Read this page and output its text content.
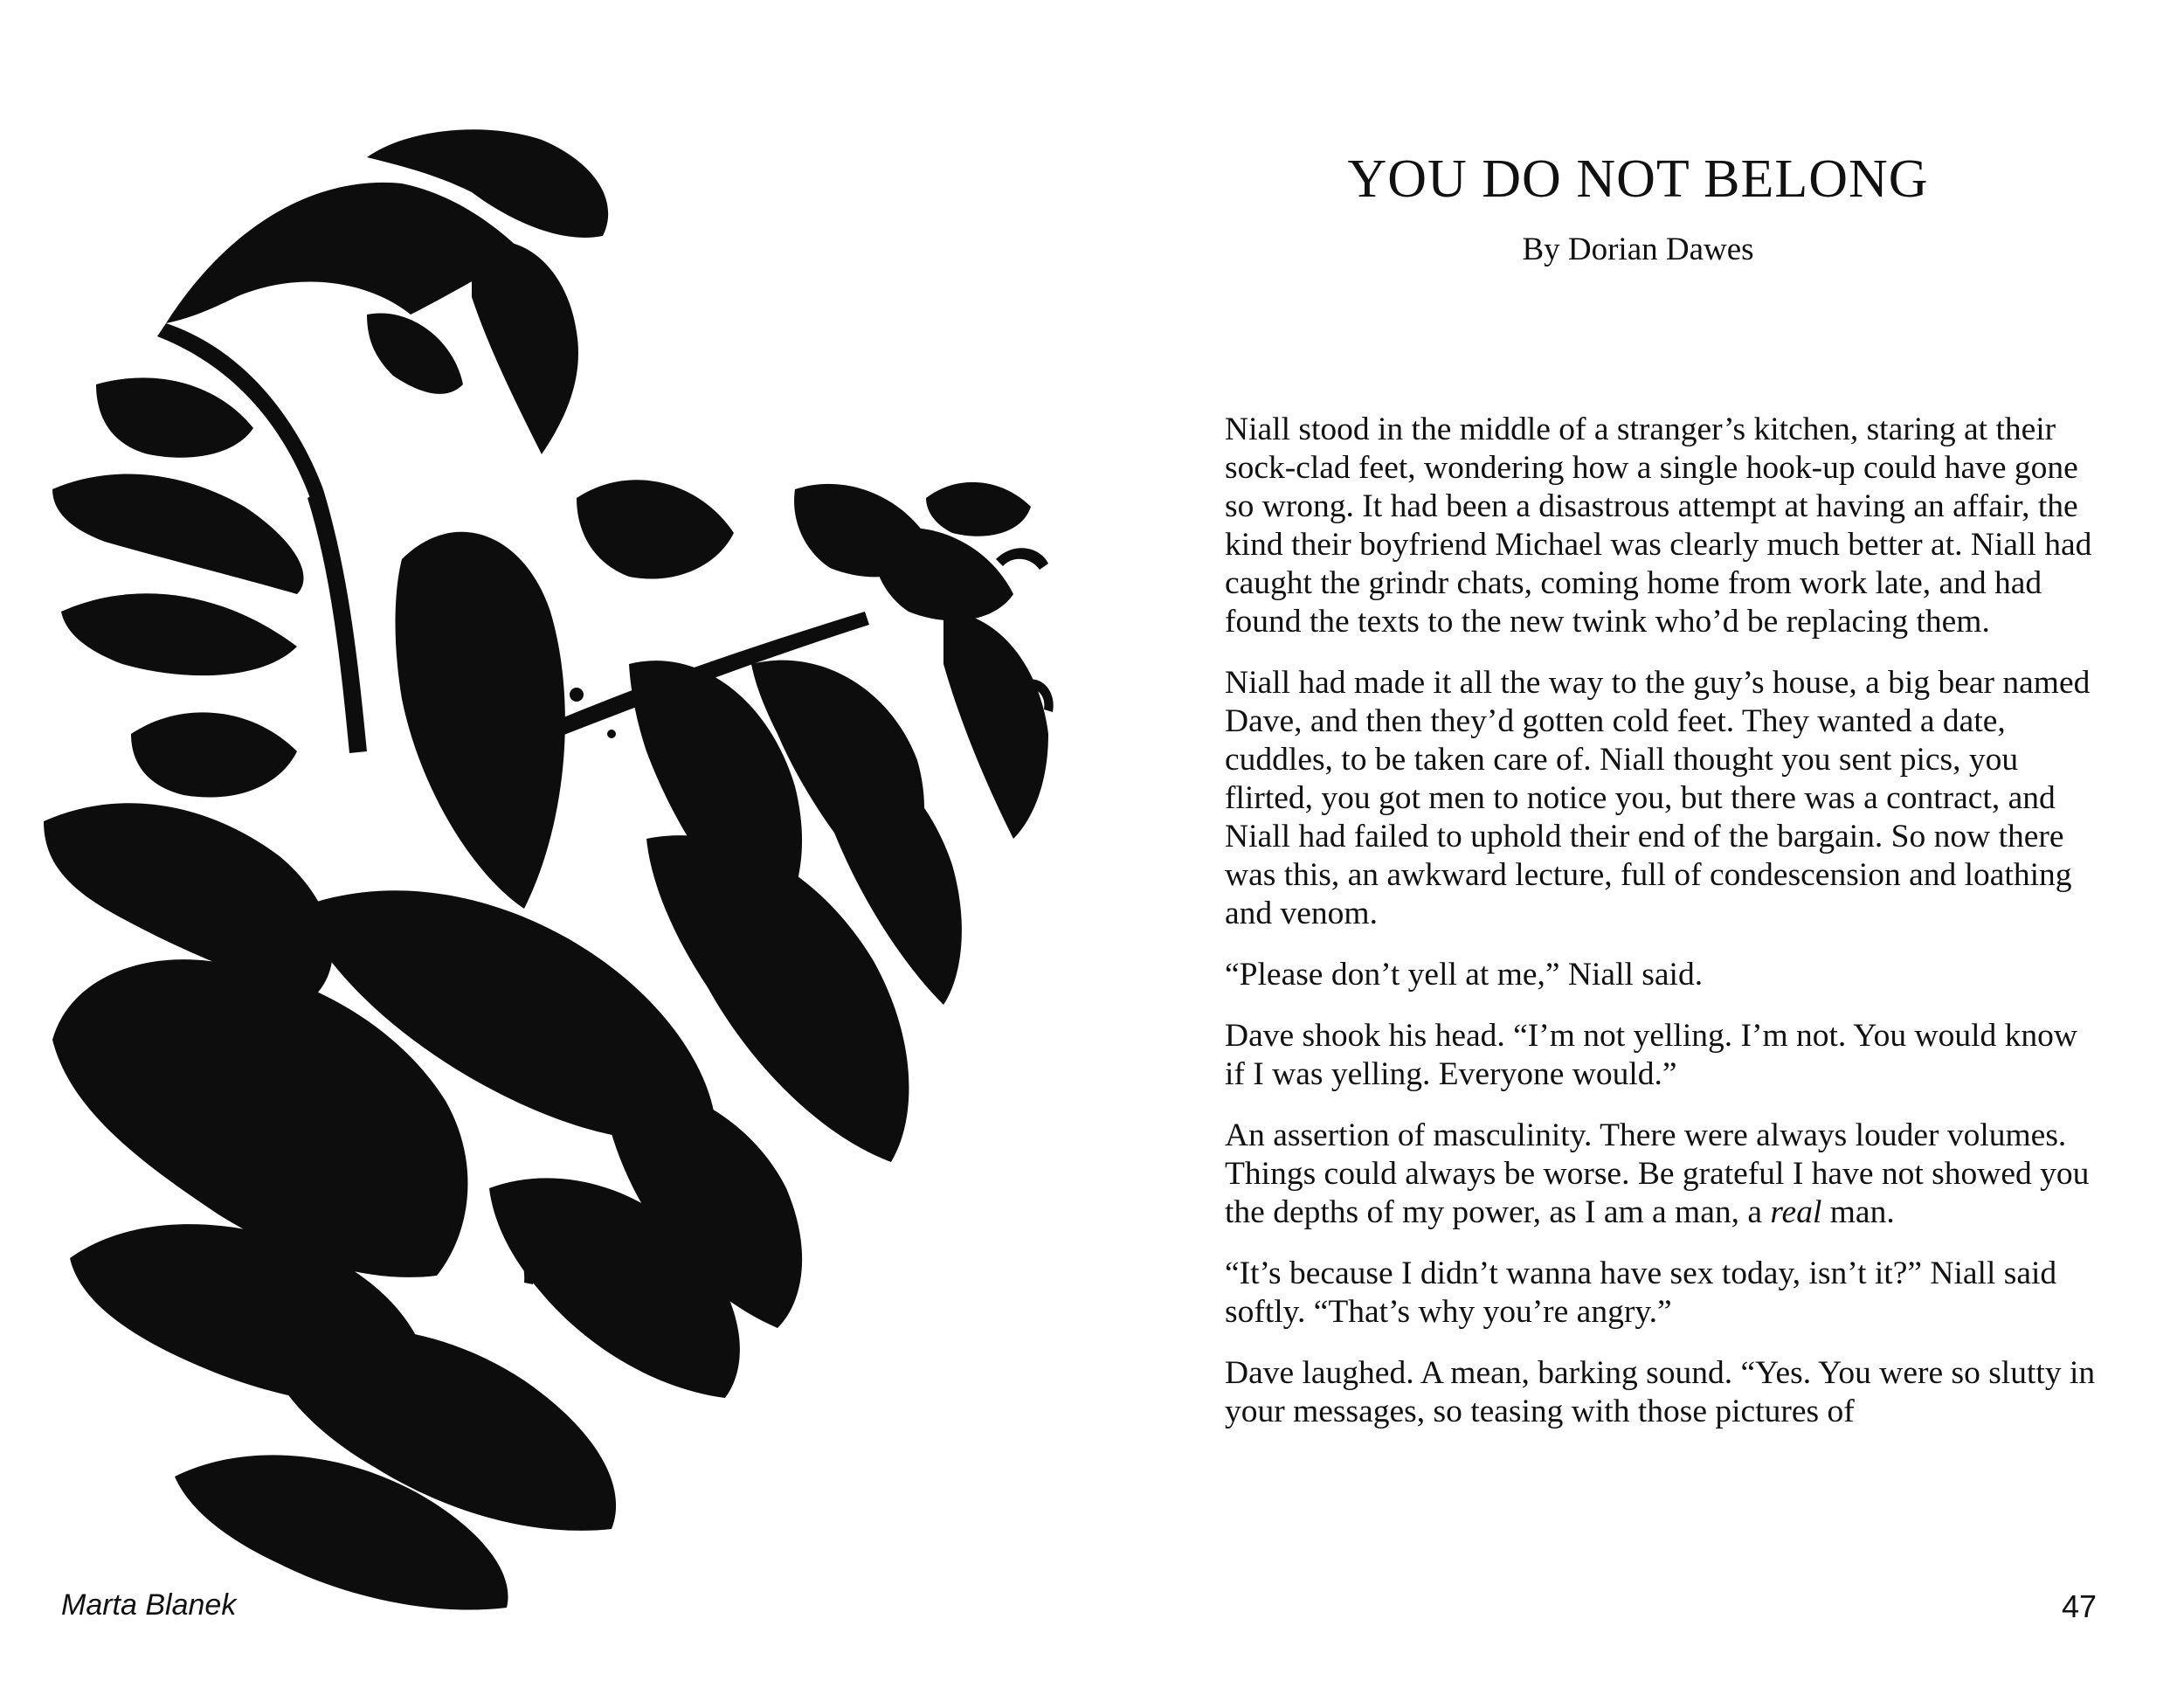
Marta Blanek
YOU DO NOT BELONG
By Dorian Dawes

Niall stood in the middle of a stranger’s kitchen, staring at their sock-clad feet, wondering how a single hook-up could have gone so wrong. It had been a disastrous attempt at having an affair, the kind their boyfriend Michael was clearly much better at. Niall had caught the grindr chats, coming home from work late, and had found the texts to the new twink who’d be replacing them.

Niall had made it all the way to the guy’s house, a big bear named Dave, and then they’d gotten cold feet. They wanted a date, cuddles, to be taken care of. Niall thought you sent pics, you flirted, you got men to notice you, but there was a contract, and Niall had failed to uphold their end of the bargain. So now there was this, an awkward lecture, full of condescension and loathing and venom.

“Please don’t yell at me,” Niall said.

Dave shook his head. “I’m not yelling. I’m not. You would know if I was yelling. Everyone would.”

An assertion of masculinity. There were always louder volumes. Things could always be worse. Be grateful I have not showed you the depths of my power, as I am a man, a real man.

“It’s because I didn’t wanna have sex today, isn’t it?” Niall said softly. “That’s why you’re angry.”

Dave laughed. A mean, barking sound. “Yes. You were so slutty in your messages, so teasing with those pictures of

47
